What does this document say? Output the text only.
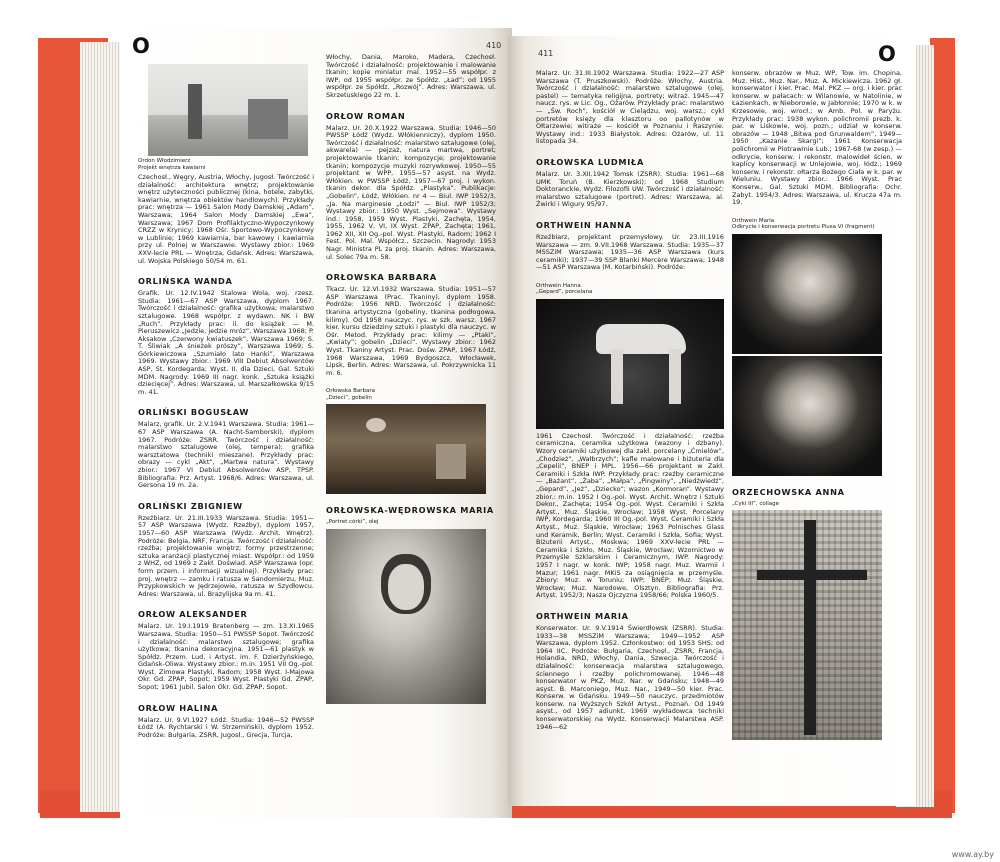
O	410
Ordon Włodzimierz
Projekt wnętrza kawiarni

Czechosł., Węgry, Austria, Włochy, Jugosł. Twórczość i działalność: architektura wnętrz; projektowanie wnętrz użyteczności publicznej (kina, hotele, zabytki, kawiarnie, wnętrza obiektów handlowych). Przykłady prac: wnętrza — 1961 Salon Mody Damskiej „Adam”, Warszawa; 1964 Salon Mody Damskiej „Ewa”, Warszawa; 1967 Dom Profilaktyczno-Wypoczynkowy CRZZ w Krynicy; 1968 Ośr. Sportowo-Wypoczynkowy w Lublinie; 1969 kawiarnia, bar kawowy i kawiarnia przy ul. Polnej w Warszawie. Wystawy zbior.: 1969 XXV-lecie PRL — Wnętrza, Gdańsk. Adres: Warszawa, ul. Wojska Polskiego 50/54 m. 61.

ORLIŃSKA WANDA

Grafik. Ur. 12.IV.1942 Stalowa Wola, woj. rzesz. Studia: 1961—67 ASP Warszawa, dyplom 1967. Twórczość i działalność: grafika użytkowa; malarstwo sztalugowe. 1968 współpr. z wydawn. NK i BW „Ruch”. Przykłady prac: il. do książek — M. Pieruszewicz „Jedzie, jedzie mróz”, Warszawa 1968; P. Aksakow „Czerwony kwiatuszek”, Warszawa 1969; S. T. Śliwiak „A śnieżek prószy”, Warszawa 1969; S. Górkiewiczowa „Szumiało lato Hanki”, Warszawa 1969. Wystawy zbior.: 1969 VIII Debiut Absolwentów ASP, St. Kordegarda; Wyst. II. dla Dzieci, Gal. Sztuki MDM. Nagrody: 1969 III nagr. konk. „Sztuka książki dziecięcej”. Adres: Warszawa, ul. Marszałkowska 9/15 m. 41.

ORLIŃSKI BOGUSŁAW

Malarz, grafik. Ur. 2.V.1941 Warszawa. Studia: 1961—67 ASP Warszawa (A. Nacht-Samborski), dyplom 1967. Podróże: ZSRR. Twórczość i działalność: malarstwo sztalugowe (olej, tempera); grafika warsztatowa (techniki mieszane). Przykłady prac: obrazy — cykl „Akt”, „Martwa natura”. Wystawy zbior.: 1967 VI Debiut Absolwentów ASP, TPSP. Bibliografia: Prz. Artyst. 1968/6. Adres: Warszawa, ul. Gersona 19 m. 2a.

ORLIŃSKI ZBIGNIEW

Rzeźbiarz. Ur. 21.III.1933 Warszawa. Studia: 1951—57 ASP Warszawa (Wydz. Rzeźby), dyplom 1957, 1957—60 ASP Warszawa (Wydz. Archit. Wnętrz). Podróże: Belgia, NRF, Francja. Twórczość i działalność: rzeźba; projektowanie wnętrz; formy przestrzenne; sztuka aranżacji plastycznej miast. Współpr.: od 1959 z WHZ, od 1969 z Zakł. Doświad. ASP Warszawa (opr. form przem. i informacji wizualnej). Przykłady prac: proj. wnętrz — zamku i ratusza w Sandomierzu, Muz. Przypkowskich w Jędrzejowie, ratusza w Szydłowcu. Adres: Warszawa, ul. Brazylijska 9a m. 41.

ORŁOW ALEKSANDER

Malarz. Ur. 19.I.1919 Bratenberg — zm. 13.XI.1965 Warszawa. Studia: 1950—51 PWSSP Sopot. Twórczość i działalność: malarstwo sztalugowe; grafika użytkowa; tkanina dekoracyjna. 1951—61 plastyk w Spółdz. Przem. Lud. i Artyst. im. F. Dzierżyńskiego, Gdańsk-Oliwa. Wystawy zbior.: m.in. 1951 VII Og.-pol. Wyst. Zimowa Plastyki, Radom; 1958 Wyst. I-Majowa Okr. Gd. ZPAP, Sopot; 1959 Wyst. Plastyki Gd. ZPAP, Sopot; 1961 Jubil. Salon Okr. Gd. ZPAP, Sopot.

ORŁOW HALINA

Malarz. Ur. 9.VI.1927 Łódź. Studia: 1946—52 PWSSP Łódź (A. Rychtarski i W. Strzemiński), dyplom 1952. Podróże: Bułgaria, ZSRR, Jugosł., Grecja, Turcja,

Włochy, Dania, Maroko, Madera, Czechosł. Twórczość i działalność: projektowanie i malowanie tkanin; kopie miniatur mal. 1952—55 współpr. z IWP, od 1955 współpr. ze Spółdz. „Ład”; od 1955 współpr. ze Spółdz. „Rozwój”. Adres: Warszawa, ul. Skrzetuskiego 22 m. 1.

ORŁOW ROMAN

Malarz. Ur. 20.X.1922 Warszawa. Studia: 1946—50 PWSSP Łódź (Wydz. Włókienniczy), dyplom 1950. Twórczość i działalność: malarstwo sztalugowe (olej, akwarela) — pejzaż, natura martwa, portret; projektowanie tkanin; kompozycje; projektowanie tkanin; kompozycje muzyki rozrywkowej. 1950—55 projektant w WPP, 1955—57 asyst. na Wydz. Włókien. w PWSSP Łódź, 1957—67 proj. i wykon. tkanin dekor. dla Spółdz. „Plastyka”. Publikacje: „Gobelin”, Łódź, Włókien. nr 4 — Biul. IWP 1952/3, „Ja. Na marginesie „Łodzi” — Biul. IWP 1952/3; Wystawy zbior.: 1950 Wyst. „Sejmowa”. Wystawy ind.: 1958, 1959 Wyst. Plastyki, Zachęta, 1954, 1955, 1962 V, VI, IX Wyst. ZPAP, Zachęta; 1961, 1962 XII, XII Og.-pol. Wyst. Plastyki, Radom; 1962 I Fest. Pol. Mal. Współcz., Szczecin. Nagrody: 1953 Nagr. Ministra PL za proj. tkanin. Adres: Warszawa, ul. Solec 79a m. 58.

ORŁOWSKA BARBARA

Tkacz. Ur. 12.VI.1932 Warszawa. Studia: 1951—57 ASP Warszawa (Prac. Tkaniny), dyplom 1958. Podróże: 1956 NRD. Twórczość i działalność: tkanina artystyczna (gobeliny, tkanina podłogowa, kilimy). Od 1958 nauczyc. rys. w szk. warsz. 1967 kier. kursu dziedziny sztuki i plastyki dla nauczyc. w Ośr. Metod. Przykłady prac: kilimy — „Ptaki”, „Kwiaty”; gobelin „Dzieci”. Wystawy zbior.: 1962 Wyst. Tkaniny Artyst. Prac. Dośw. ZPAP, 1967 Łódź, 1968 Warszawa, 1969 Bydgoszcz, Włocławek, Lipsk, Berlin. Adres: Warszawa, ul. Pokrzywnicka 11 m. 6.

Orłowska Barbara
„Dzieci”, gobelin
ORŁOWSKA-WĘDROWSKA MARIA
„Portret córki”, olej
411	O

Malarz. Ur. 31.III.1902 Warszawa. Studia: 1922—27 ASP Warszawa (T. Pruszkowski). Podróże: Włochy, Austria. Twórczość i działalność: malarstwo sztalugowe (olej, pastel) — tematyka religijna, portrety; witraż. 1945—47 naucz. rys. w Lic. Og., Ożarów. Przykłady prac: malarstwo — „Św. Roch”, kościół w Cielądzu, woj. warsz.; cykl portretów księży dla klasztoru oo pallotynów w Ołtarzewie; witraże — kościół w Poznaniu i Raszynie. Wystawy ind.: 1933 Białystok. Adres: Ożarów, ul. 11 listopada 34.

ORŁOWSKA LUDMIŁA

Malarz. Ur. 3.XII.1942 Tomsk (ZSRR). Studia: 1961—68 UMK Toruń (B. Kierzkowski); od 1968 Studium Doktoranckie, Wydz. Filozofii UW. Twórczość i działalność: malarstwo sztalugowe (portret). Adres: Warszawa, al. Żwirki i Wigury 95/97.

ORTHWEIN HANNA

Rzeźbiarz, projektant przemysłowy. Ur. 23.III.1916 Warszawa — zm. 9.VII.1968 Warszawa. Studia: 1935—37 MSSZiM Warszawa; 1935—36 ASP Warszawa (kurs ceramiki); 1937—39 SSP Blanki Mercère Warszawa; 1948—51 ASP Warszawa (M. Kotarbiński). Podróże:

Orthwein Hanna
„Gepard”, porcelana

1961 Czechosł. Twórczość i działalność: rzeźba ceramiczna, ceramika użytkowa (wazony i dzbany). Wzory ceramiki użytkowej dla zakł. porcelany „Ćmielów”, „Chodzież”, „Wałbrzych”; kafle malowane i biżuteria dla „Cepelii”, BNEP i MPL. 1956—66 projektant w Zakł. Ceramiki i Szkła IWP. Przykłady prac: rzeźby ceramiczne — „Bażant”, „Żaba”, „Małpa”, „Pingwiny”, „Niedźwiedź”, „Gepard”, „Jeż”, „Dziecko”; wazon „Kormoran”. Wystawy zbior.: m.in. 1952 I Og.-pol. Wyst. Archit. Wnętrz i Sztuki Dekor., Zachęta; 1954 Og.-pol. Wyst. Ceramiki i Szkła Artyst., Muz. Śląskie, Wrocław; 1958 Wyst. Porcelany IWP, Kordegarda; 1960 III Og.-pol. Wyst. Ceramiki i Szkła Artyst., Muz. Śląskie, Wrocław; 1963 Polnisches Glass und Keramik, Berlin; Wyst. Ceramiki i Szkła, Sofia; Wyst. Biżuterii Artyst., Moskwa; 1969 XXV-lecie PRL — Ceramika i Szkło, Muz. Śląskie, Wrocław; Wzornictwo w Przemyśle Szklarskim i Ceramicznym, IWP. Nagrody: 1957 I nagr. w konk. IWP; 1958 nagr. Muz. Warmii i Mazur; 1961 nagr. MKiS za osiągnięcia w przemyśle. Zbiory: Muz. w Toruniu; IWP; BNEP; Muz. Śląskie, Wrocław; Muz. Narodowe, Olsztyn. Bibliografia: Prz. Artyst. 1952/3; Nasza Ojczyzna 1958/66; Polska 1960/5.

ORTHWEIN MARIA

Konserwator. Ur. 9.V.1914 Świerdłowsk (ZSRR). Studia: 1933—38 MSSZiM Warszawa; 1949—1952 ASP Warszawa, dyplom 1952. Członkostwo: od 1953 SHS; od 1964 IIC. Podróże: Bułgaria, Czechosł., ZSRR, Francja, Holandia, NRD, Włochy, Dania, Szwecja. Twórczość i działalność: konserwacja malarstwa sztalugowego, ściennego i rzeźby polichromowanej. 1946—48 konserwator w PKZ, Muz. Nar. w Gdańsku; 1948—49 asyst. B. Marconiego, Muz. Nar., 1949—50 kier. Prac. Konserw. w Gdańsku. 1949—50 nauczyc. przedmiotów konserw. na Wyższych Szkół Artyst., Poznań. Od 1949 asyst., od 1957 adiunkt, 1969 wykładowca techniki konserwatorskiej na Wydz. Konserwacji Malarstwa ASP. 1946—62

konserw. obrazów w Muz. WP, Tow. im. Chopina, Muz. Hist., Muz. Nar., Muz. A. Mickiewicza. 1962 gł. konserwator i kier. Prac. Mal. PKZ — org. i kier. prac konserw. w pałacach: w Wilanowie, w Natolinie, w Łazienkach, w Nieborowie, w Jabłonnie; 1970 w k. w Krzesowie, woj. wrocł.; w Amb. Pol. w Paryżu. Przykłady prac: 1938 wykon. polichromii prezb. k. par. w Liskowie, woj. pozn.; udział w konserw. obrazów — 1948 „Bitwa pod Grunwaldem”, 1949—1950 „Kazanie Skargi”; 1961 Konserwacja polichromii w Piotrawinie Lub.; 1967-68 (w zesp.) — odkrycie, konserw. i rekonstr. malowideł ścien. w kaplicy konserwacji w Unlejowie, woj. łódz.; 1969 konserw. i rekonstr. ołtarza Bożego Ciała w k. par. w Wieluniu. Wystawy zbior.: 1966 Wyst. Prac Konserw., Gal. Sztuki MDM. Bibliografia: Ochr. Zabyt. 1954/3. Adres: Warszawa, ul. Krucza 47a m. 19.

Orthwein Maria
Odkrycie i konserwacja portretu Piusa VI (fragment)
ORZECHOWSKA ANNA
„Cyki III”, collage
www.ay.by
